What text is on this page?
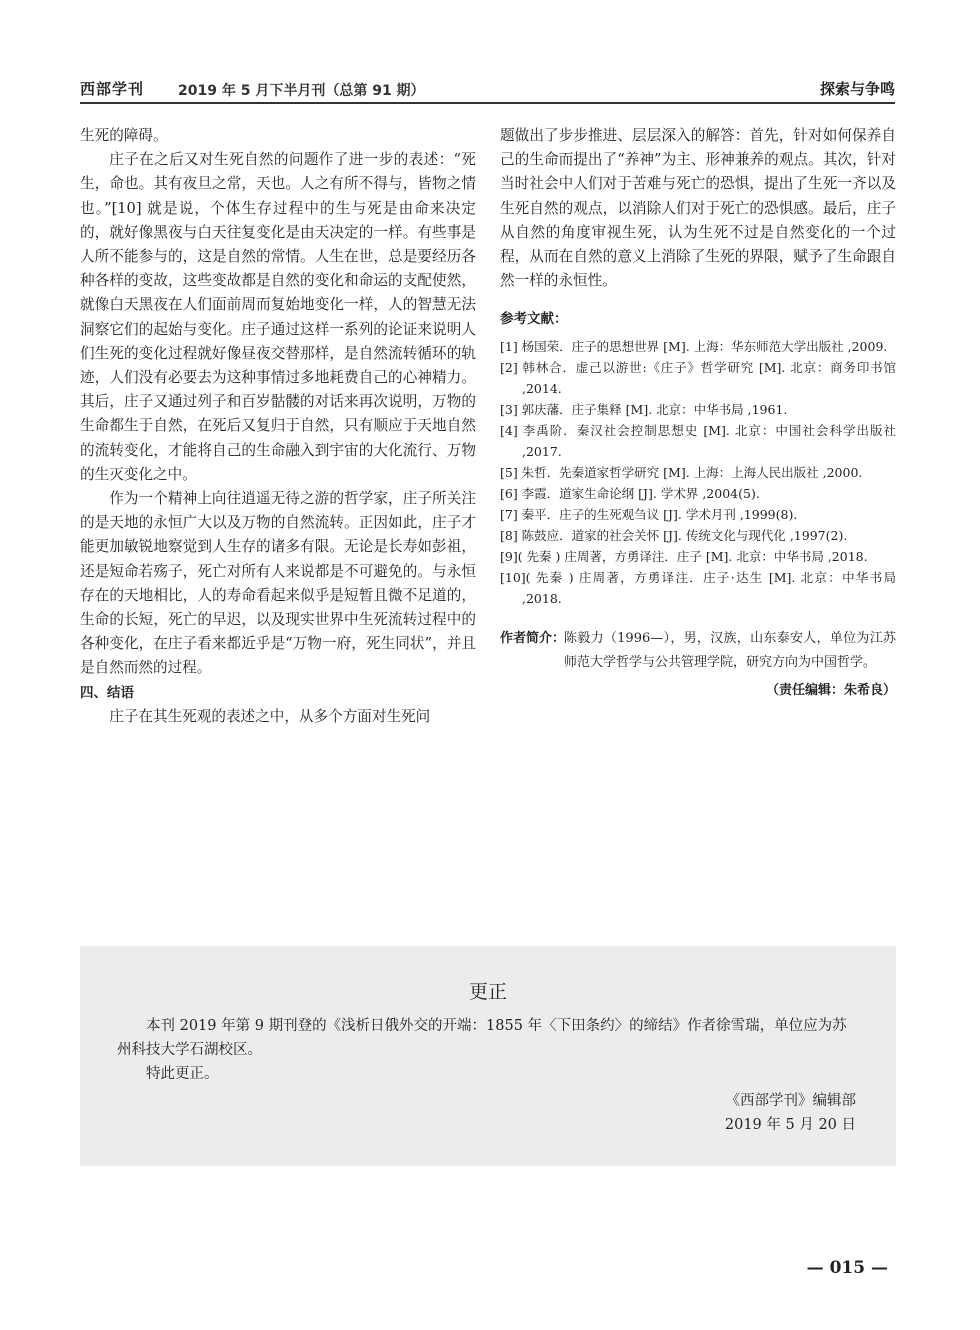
西部学刊 2019 年 5 月下半月刊（总第 91 期）	探索与争鸣

生死的障碍。

庄子在之后又对生死自然的问题作了进一步的表述：“死生，命也。其有夜旦之常，天也。人之有所不得与，皆物之情也。”[10] 就是说，个体生存过程中的生与死是由命来决定的，就好像黑夜与白天往复变化是由天决定的一样。有些事是人所不能参与的，这是自然的常情。人生在世，总是要经历各种各样的变故，这些变故都是自然的变化和命运的支配使然，就像白天黑夜在人们面前周而复始地变化一样，人的智慧无法洞察它们的起始与变化。庄子通过这样一系列的论证来说明人们生死的变化过程就好像昼夜交替那样，是自然流转循环的轨迹，人们没有必要去为这种事情过多地耗费自己的心神精力。其后，庄子又通过列子和百岁骷髅的对话来再次说明，万物的生命都生于自然，在死后又复归于自然，只有顺应于天地自然的流转变化，才能将自己的生命融入到宇宙的大化流行、万物的生灭变化之中。

作为一个精神上向往逍遥无待之游的哲学家，庄子所关注的是天地的永恒广大以及万物的自然流转。正因如此，庄子才能更加敏锐地察觉到人生存的诸多有限。无论是长寿如彭祖，还是短命若殇子，死亡对所有人来说都是不可避免的。与永恒存在的天地相比，人的寿命看起来似乎是短暂且微不足道的，生命的长短，死亡的早迟，以及现实世界中生死流转过程中的各种变化，在庄子看来都近乎是“万物一府，死生同状”，并且是自然而然的过程。

四、结语

庄子在其生死观的表述之中，从多个方面对生死问

题做出了步步推进、层层深入的解答：首先，针对如何保养自己的生命而提出了“养神”为主、形神兼养的观点。其次，针对当时社会中人们对于苦难与死亡的恐惧，提出了生死一齐以及生死自然的观点，以消除人们对于死亡的恐惧感。最后，庄子从自然的角度审视生死，认为生死不过是自然变化的一个过程，从而在自然的意义上消除了生死的界限，赋予了生命跟自然一样的永恒性。

参考文献：

[1] 杨国荣．庄子的思想世界 [M]. 上海：华东师范大学出版社 ,2009.

[2] 韩林合．虚己以游世:《庄子》哲学研究 [M]. 北京：商务印书馆 ,2014.

[3] 郭庆藩．庄子集释 [M]. 北京：中华书局 ,1961.

[4] 李禹阶．秦汉社会控制思想史 [M]. 北京：中国社会科学出版社 ,2017.

[5] 朱哲．先秦道家哲学研究 [M]. 上海：上海人民出版社 ,2000.

[6] 李霞．道家生命论纲 [J]. 学术界 ,2004(5).

[7] 秦平．庄子的生死观刍议 [J]. 学术月刊 ,1999(8).

[8] 陈鼓应．道家的社会关怀 [J]. 传统文化与现代化 ,1997(2).

[9]( 先秦 ) 庄周著，方勇译注．庄子 [M]. 北京：中华书局 ,2018.

[10]( 先秦 ) 庄周著，方勇译注．庄子·达生 [M]. 北京：中华书局 ,2018.

作者简介：
陈毅力（1996—），男，汉族，山东泰安人，单位为江苏师范大学哲学与公共管理学院，研究方向为中国哲学。
（责任编辑：朱希良）
更正

本刊 2019 年第 9 期刊登的《浅析日俄外交的开端：1855 年〈下田条约〉的缔结》作者徐雪瑞，单位应为苏州科技大学石湖校区。

特此更正。

《西部学刊》编辑部
2019 年 5 月 20 日
— 015 —
